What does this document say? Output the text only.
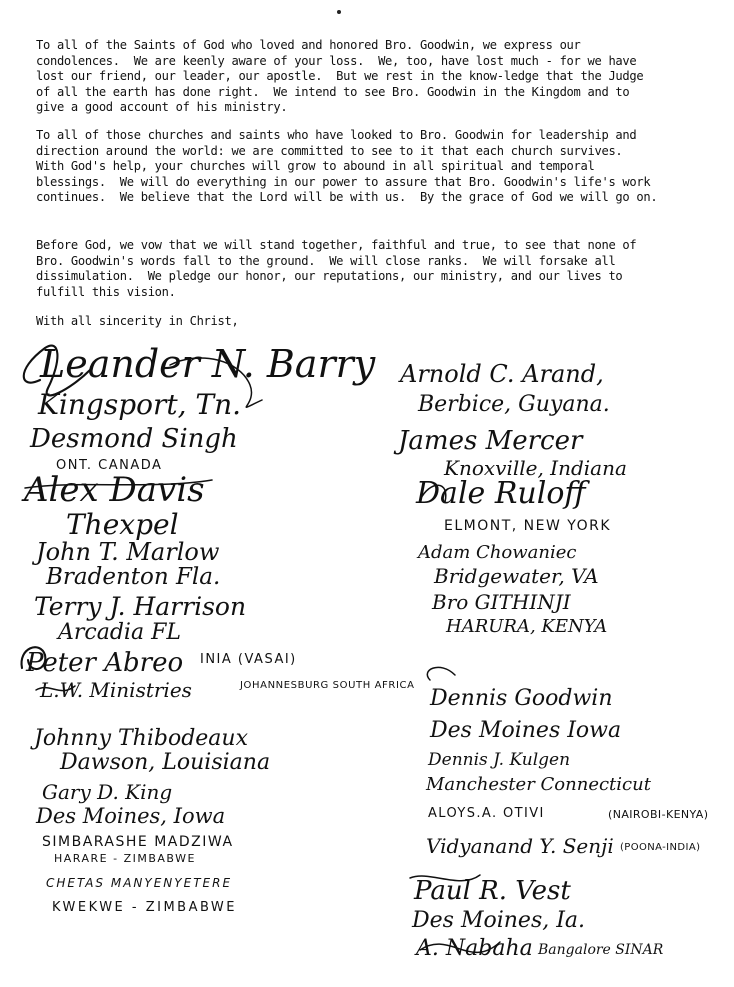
To all of the Saints of God who loved and honored Bro. Goodwin, we express our condolences.  We are keenly aware of your loss.  We, too, have lost much - for we have lost our friend, our leader, our apostle.  But we rest in the know-ledge that the Judge of all the earth has done right.  We intend to see Bro. Goodwin in the Kingdom and to give a good account of his ministry.

To all of those churches and saints who have looked to Bro. Goodwin for leadership and direction around the world: we are committed to see to it that each church survives.  With God's help, your churches will grow to abound in all spiritual and temporal blessings.  We will do everything in our power to assure that Bro. Goodwin's life's work continues.  We believe that the Lord will be with us.  By the grace of God we will go on.

Before God, we vow that we will stand together, faithful and true, to see that none of Bro. Goodwin's words fall to the ground.  We will close ranks.  We will forsake all dissimulation.  We pledge our honor, our reputations, our ministry, and our lives to fulfill this vision.

With all sincerity in Christ,

Leander N. Barry
Kingsport, Tn.
Desmond Singh
ONT. CANADA
Alex Davis
Thexpel
John T. Marlow
Bradenton Fla.
Terry J. Harrison
Arcadia FL
Peter Abreo INIA (VASAI)
L.W. Ministries	JOHANNESBURG SOUTH AFRICA
Johnny Thibodeaux
Dawson, Louisiana
Gary D. King
Des Moines, Iowa
SIMBARASHE MADZIWA
HARARE - ZIMBABWE
CHETAS MANYENYETERE
KWEKWE - ZIMBABWE
Arnold C. Arand,
Berbice, Guyana.
James Mercer
Knoxville, Indiana
Dale Ruloff
ELMONT, NEW YORK
Adam Chowaniec
Bridgewater, VA
Bro GITHINJI
HARURA, KENYA
Dennis Goodwin
Des Moines Iowa
Dennis J. Kulgen
Manchester Connecticut
ALOYS.A. OTIVI	(NAIROBI-KENYA)
Vidyanand Y. Senji (POONA-INDIA)
Paul R. Vest
Des Moines, Ia.
A. Nabaha Bangalore SINAR
